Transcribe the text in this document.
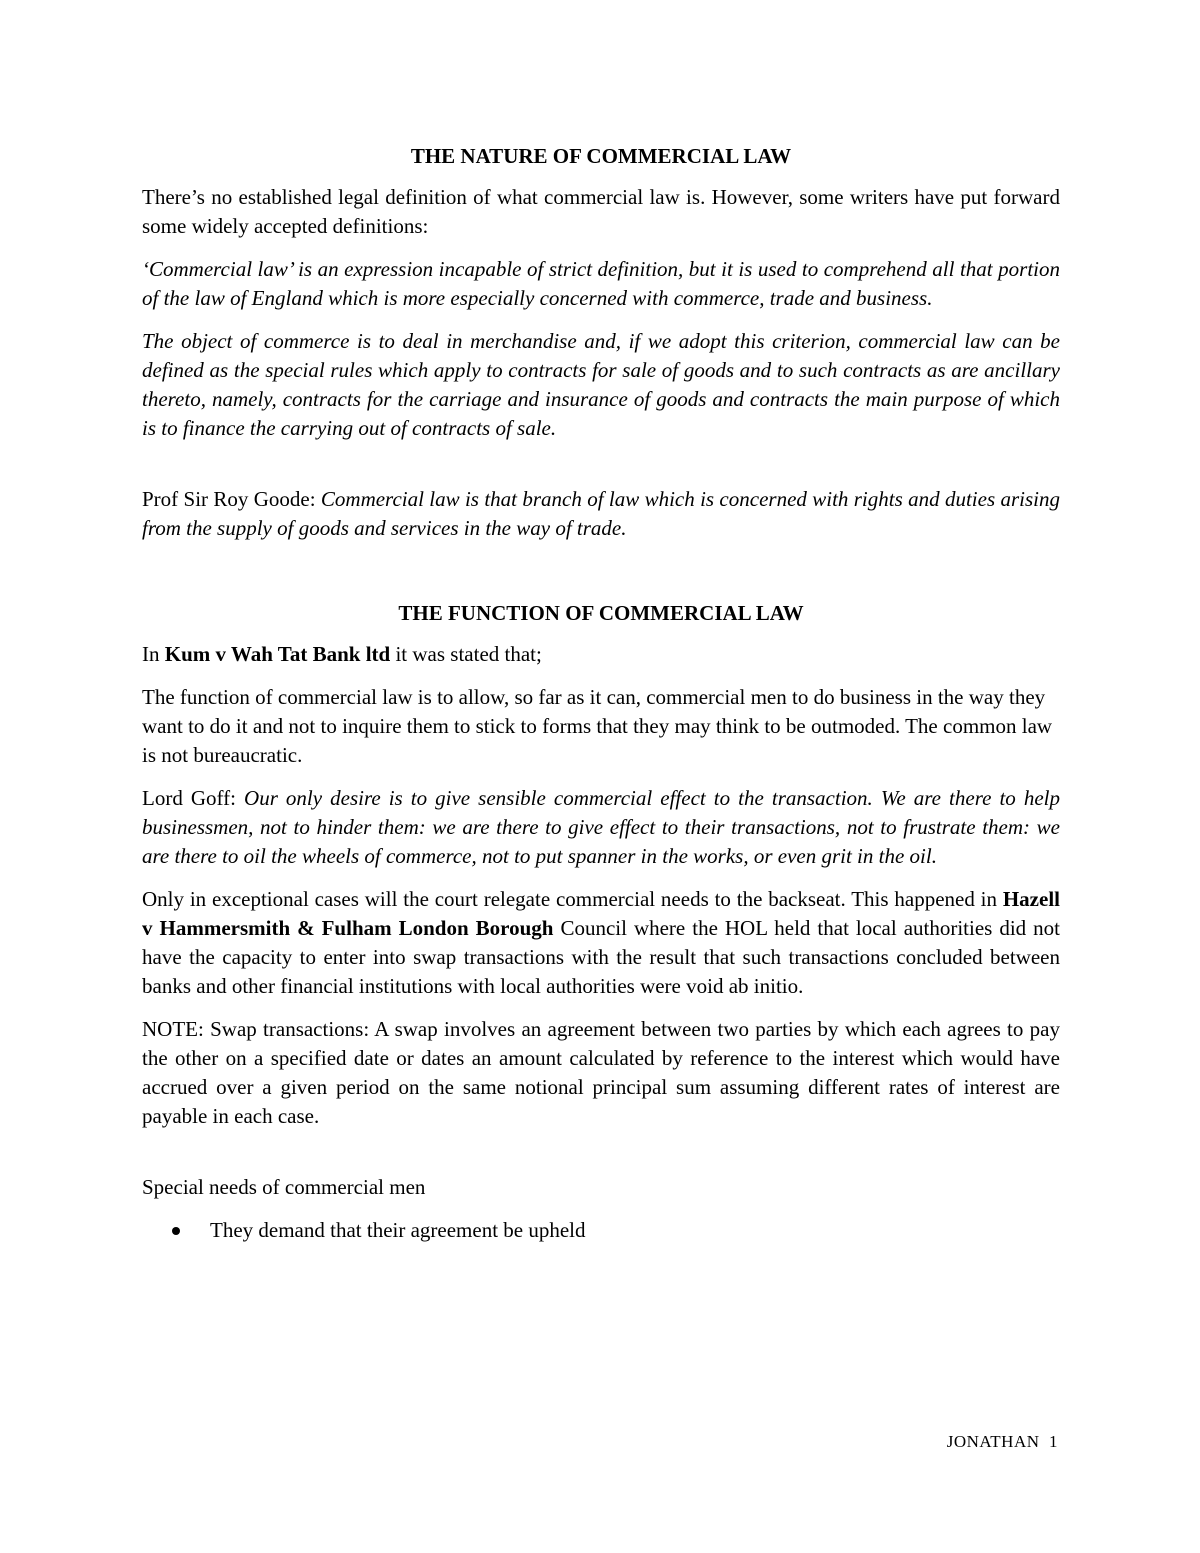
THE NATURE OF COMMERCIAL LAW

There’s no established legal definition of what commercial law is. However, some writers have put forward some widely accepted definitions:

‘Commercial law’ is an expression incapable of strict definition, but it is used to comprehend all that portion of the law of England which is more especially concerned with commerce, trade and business.

The object of commerce is to deal in merchandise and, if we adopt this criterion, commercial law can be defined as the special rules which apply to contracts for sale of goods and to such contracts as are ancillary thereto, namely, contracts for the carriage and insurance of goods and contracts the main purpose of which is to finance the carrying out of contracts of sale.

Prof Sir Roy Goode: Commercial law is that branch of law which is concerned with rights and duties arising from the supply of goods and services in the way of trade.

THE FUNCTION OF COMMERCIAL LAW

In Kum v Wah Tat Bank ltd it was stated that;

The function of commercial law is to allow, so far as it can, commercial men to do business in the way they want to do it and not to inquire them to stick to forms that they may think to be outmoded. The common law is not bureaucratic.

Lord Goff: Our only desire is to give sensible commercial effect to the transaction. We are there to help businessmen, not to hinder them: we are there to give effect to their transactions, not to frustrate them: we are there to oil the wheels of commerce, not to put spanner in the works, or even grit in the oil.

Only in exceptional cases will the court relegate commercial needs to the backseat. This happened in Hazell v Hammersmith & Fulham London Borough Council where the HOL held that local authorities did not have the capacity to enter into swap transactions with the result that such transactions concluded between banks and other financial institutions with local authorities were void ab initio.

NOTE: Swap transactions: A swap involves an agreement between two parties by which each agrees to pay the other on a specified date or dates an amount calculated by reference to the interest which would have accrued over a given period on the same notional principal sum assuming different rates of interest are payable in each case.

Special needs of commercial men

They demand that their agreement be upheld
JONATHAN 1
